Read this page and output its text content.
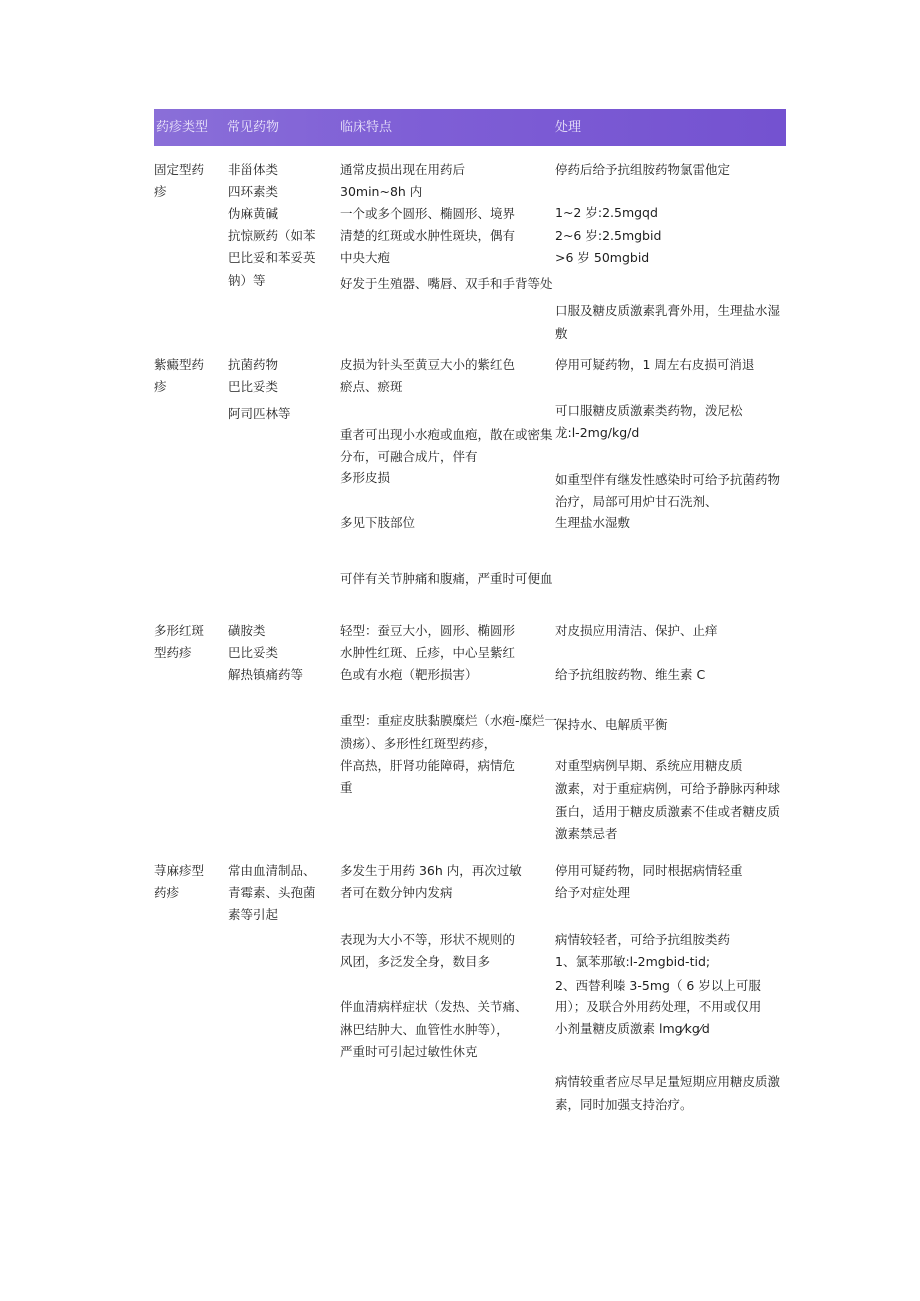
药疹类型 常见药物	临床特点	处理
固定型药
疹
非甾体类
四环素类
伪麻黄碱
抗惊厥药（如苯
巴比妥和苯妥英
钠）等
通常皮损出现在用药后
30min~8h 内
一个或多个圆形、椭圆形、境界
清楚的红斑或水肿性斑块，偶有
中央大疱
好发于生殖器、嘴唇、双手和手背等处
停药后给予抗组胺药物氯雷他定
1~2 岁:2.5mgqd
2~6 岁:2.5mgbid
>6 岁 50mgbid
口服及糖皮质激素乳膏外用，生理盐水湿
敷
紫癜型药
疹
抗菌药物
巴比妥类
阿司匹林等
皮损为针头至黄豆大小的紫红色
瘀点、瘀斑
重者可出现小水疱或血疱，散在或密集
分布，可融合成片，伴有
多形皮损
多见下肢部位
可伴有关节肿痛和腹痛，严重时可便血
停用可疑药物，1 周左右皮损可消退
可口服糖皮质激素类药物，泼尼松
龙:l-2mg/kg/d
如重型伴有继发性感染时可给予抗菌药物
治疗，局部可用炉甘石洗剂、
生理盐水湿敷
多形红斑
型药疹
磺胺类
巴比妥类
解热镇痛药等
轻型：蚕豆大小，圆形、椭圆形
水肿性红斑、丘疹，中心呈紫红
色或有水疱（靶形损害）
重型：重症皮肤黏膜糜烂（水疱-糜烂一
溃疡）、多形性红斑型药疹，
伴高热，肝肾功能障碍，病情危
重
对皮损应用清洁、保护、止痒
给予抗组胺药物、维生素 C
保持水、电解质平衡
对重型病例早期、系统应用糖皮质
激素，对于重症病例，可给予静脉丙种球
蛋白，适用于糖皮质激素不佳或者糖皮质
激素禁忌者
荨麻疹型
药疹
常由血清制品、
青霉素、头孢菌
素等引起
多发生于用药 36h 内，再次过敏
者可在数分钟内发病
表现为大小不等，形状不规则的
风团，多泛发全身，数目多
伴血清病样症状（发热、关节痛、
淋巴结肿大、血管性水肿等），
严重时可引起过敏性休克
停用可疑药物，同时根据病情轻重
给予对症处理
病情较轻者，可给予抗组胺类药
1、氯苯那敏:l-2mgbid-tid;
2、西替利嗪 3-5mg（ 6 岁以上可服
用）；及联合外用药处理，不用或仅用
小剂量糖皮质激素 lmg⁄kg⁄d
病情较重者应尽早足量短期应用糖皮质激
素，同时加强支持治疗。
